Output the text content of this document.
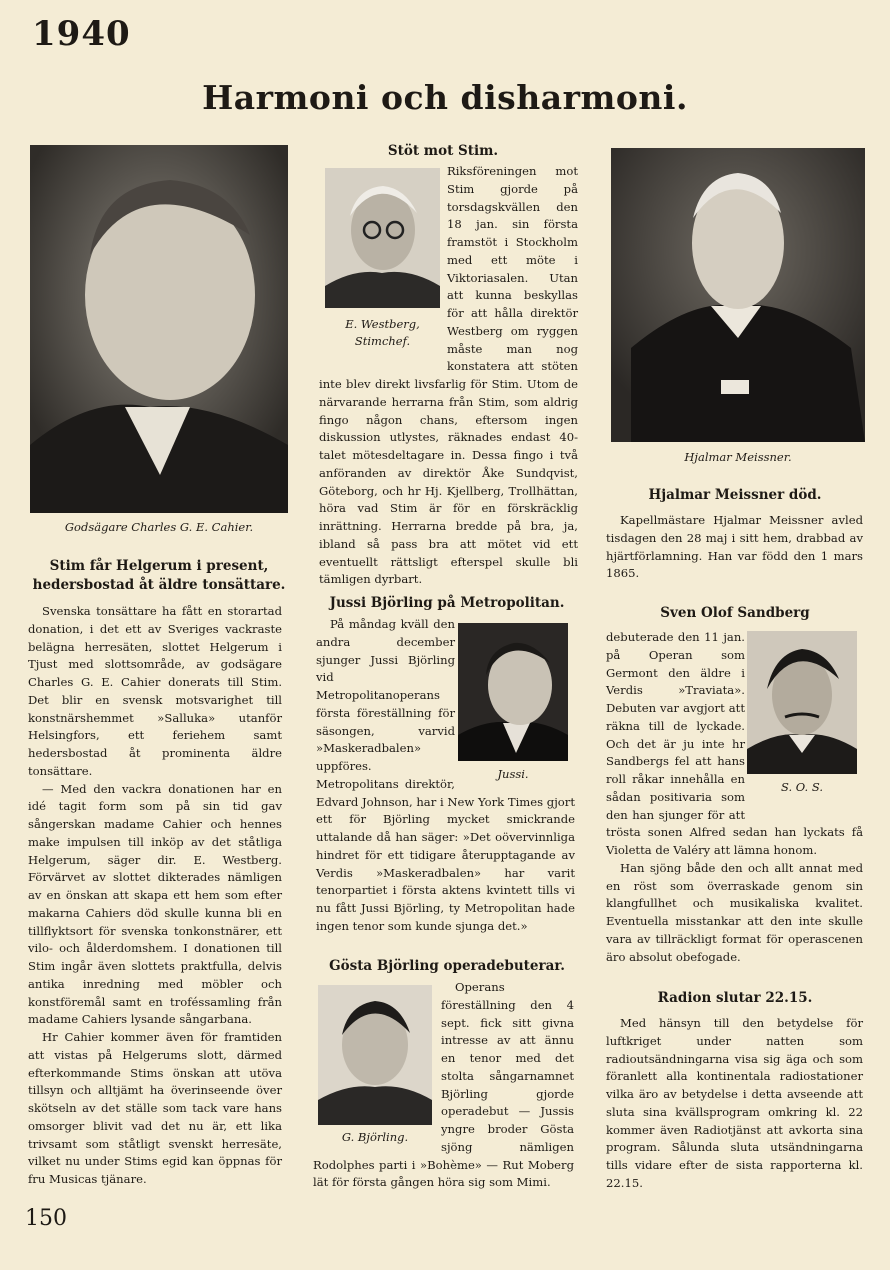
1940
Harmoni och disharmoni.
Godsägare Charles G. E. Cahier.
Stim får Helgerum i present,
hedersbostad åt äldre tonsättare.

Svenska tonsättare ha fått en storartad donation, i det ett av Sveriges vackraste belägna herresäten, slottet Helgerum i Tjust med slottsområde, av godsägare Charles G. E. Cahier donerats till Stim. Det blir en svensk motsvarighet till konstnärshemmet »Salluka» utanför Helsingfors, ett feriehem samt hedersbostad åt prominenta äldre tonsättare.

— Med den vackra donationen har en idé tagit form som på sin tid gav sångerskan madame Cahier och hennes make impulsen till inköp av det ståtliga Helgerum, säger dir. E. Westberg. Förvärvet av slottet dikterades nämligen av en önskan att skapa ett hem som efter makarna Cahiers död skulle kunna bli en tillflyktsort för svenska tonkonstnärer, ett vilo- och ålderdomshem. I donationen till Stim ingår även slottets praktfulla, delvis antika inredning med möbler och konstföremål samt en troféssamling från madame Cahiers lysande sångarbana.

Hr Cahier kommer även för framtiden att vistas på Helgerums slott, därmed efterkommande Stims önskan att utöva tillsyn och alltjämt ha överinseende över skötseln av det ställe som tack vare hans omsorger blivit vad det nu är, ett lika trivsamt som ståtligt svenskt herresäte, vilket nu under Stims egid kan öppnas för fru Musicas tjänare.

Stöt mot Stim.
E. Westberg,
Stimchef.

Riksföreningen mot Stim gjorde på torsdagskvällen den 18 jan. sin första framstöt i Stockholm med ett möte i Viktoriasalen. Utan att kunna beskyllas för att hålla direktör Westberg om ryggen måste man nog konstatera att stöten inte blev direkt livsfarlig för Stim. Utom de närvarande herrarna från Stim, som aldrig fingo någon chans, eftersom ingen diskussion utlystes, räknades endast 40-talet mötesdeltagare in. Dessa fingo i två anföranden av direktör Åke Sundqvist, Göteborg, och hr Hj. Kjellberg, Trollhättan, höra vad Stim är för en förskräcklig inrättning. Herrarna bredde på bra, ja, ibland så pass bra att mötet vid ett eventuellt rättsligt efterspel skulle bli tämligen dyrbart.

Jussi Björling på Metropolitan.
Jussi.

På måndag kväll den andra december sjunger Jussi Björling vid Metropolitanoperans första föreställning för säsongen, varvid »Maskeradbalen» uppföres. Metropolitans direktör, Edvard Johnson, har i New York Times gjort ett för Björling mycket smickrande uttalande då han säger: »Det oövervinnliga hindret för ett tidigare återupptagande av Verdis »Maskeradbalen» har varit tenorpartiet i första aktens kvintett tills vi nu fått Jussi Björling, ty Metropolitan hade ingen tenor som kunde sjunga det.»

Gösta Björling operadebuterar.
G. Björling.

Operans föreställning den 4 sept. fick sitt givna intresse av att ännu en tenor med det stolta sångarnamnet Björling gjorde operadebut — Jussis yngre broder Gösta sjöng nämligen Rodolphes parti i »Bohème» — Rut Moberg lät för första gången höra sig som Mimi.

Hjalmar Meissner.
Hjalmar Meissner död.

Kapellmästare Hjalmar Meissner avled tisdagen den 28 maj i sitt hem, drabbad av hjärtförlamning. Han var född den 1 mars 1865.

Sven Olof Sandberg
S. O. S.

debuterade den 11 jan. på Operan som Germont den äldre i Verdis »Traviata». Debuten var avgjort att räkna till de lyckade. Och det är ju inte hr Sandbergs fel att hans roll råkar innehålla en sådan positivaria som den han sjunger för att trösta sonen Alfred sedan han lyckats få Violetta de Valéry att lämna honom.

Han sjöng både den och allt annat med en röst som överraskade genom sin klangfullhet och musikaliska kvalitet. Eventuella misstankar att den inte skulle vara av tillräckligt format för operascenen äro absolut obefogade.

Radion slutar 22.15.

Med hänsyn till den betydelse för luftkriget under natten som radioutsändningarna visa sig äga och som föranlett alla kontinentala radiostationer vilka äro av betydelse i detta avseende att sluta sina kvällsprogram omkring kl. 22 kommer även Radiotjänst att avkorta sina program. Sålunda sluta utsändningarna tills vidare efter de sista rapporterna kl. 22.15.

150
